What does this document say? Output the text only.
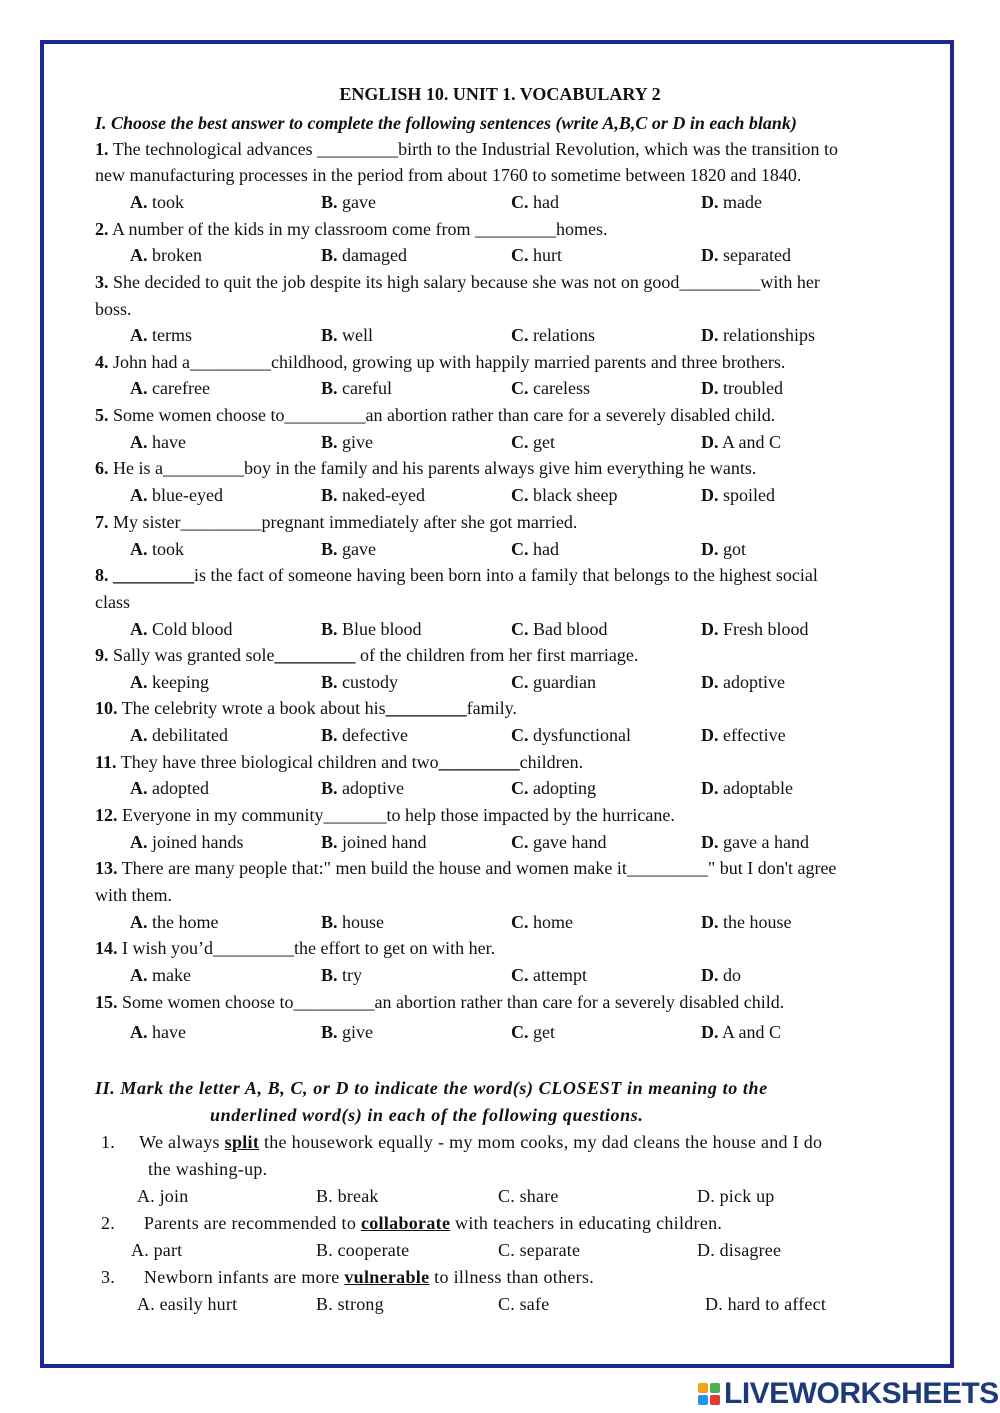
ENGLISH 10. UNIT 1. VOCABULARY 2
I. Choose the best answer to complete the following sentences (write A,B,C or D in each blank)
1. The technological advances _________birth to the Industrial Revolution, which was the transition to
new manufacturing processes in the period from about 1760 to sometime between 1820 and 1840.
A. took	B. gave	C. had	D. made
2. A number of the kids in my classroom come from _________homes.
A. broken	B. damaged	C. hurt	D. separated
3. She decided to quit the job despite its high salary because she was not on good_________with her
boss.
A. terms	B. well	C. relations	D. relationships
4. John had a_________childhood, growing up with happily married parents and three brothers.
A. carefree	B. careful	C. careless	D. troubled
5. Some women choose to_________an abortion rather than care for a severely disabled child.
A. have	B. give	C. get	D. A and C
6. He is a_________boy in the family and his parents always give him everything he wants.
A. blue-eyed	B. naked-eyed	C. black sheep	D. spoiled
7. My sister_________pregnant immediately after she got married.
A. took	B. gave	C. had	D. got
8. _________is the fact of someone having been born into a family that belongs to the highest social
class
A. Cold blood	B. Blue blood	C. Bad blood	D. Fresh blood
9. Sally was granted sole_________ of the children from her first marriage.
A. keeping	B. custody	C. guardian	D. adoptive
10. The celebrity wrote a book about his_________family.
A. debilitated	B. defective	C. dysfunctional	D. effective
11. They have three biological children and two_________children.
A. adopted	B. adoptive	C. adopting	D. adoptable
12. Everyone in my community_______to help those impacted by the hurricane.
A. joined hands	B. joined hand	C. gave hand	D. gave a hand
13. There are many people that:" men build the house and women make it_________" but I don't agree
with them.
A. the home	B. house	C. home	D. the house
14. I wish you’d_________the effort to get on with her.
A. make	B. try	C. attempt	D. do
15. Some women choose to_________an abortion rather than care for a severely disabled child.
A. have	B. give	C. get	D. A and C
II. Mark the letter A, B, C, or D to indicate the word(s) CLOSEST in meaning to the
underlined word(s) in each of the following questions.
1. We always split the housework equally - my mom cooks, my dad cleans the house and I do
the washing-up.
A. join	B. break	C. share	D. pick up
2. Parents are recommended to collaborate with teachers in educating children.
A. part	B. cooperate	C. separate	D. disagree
3. Newborn infants are more vulnerable to illness than others.
A. easily hurt	B. strong	C. safe	D. hard to affect
LIVEWORKSHEETS
